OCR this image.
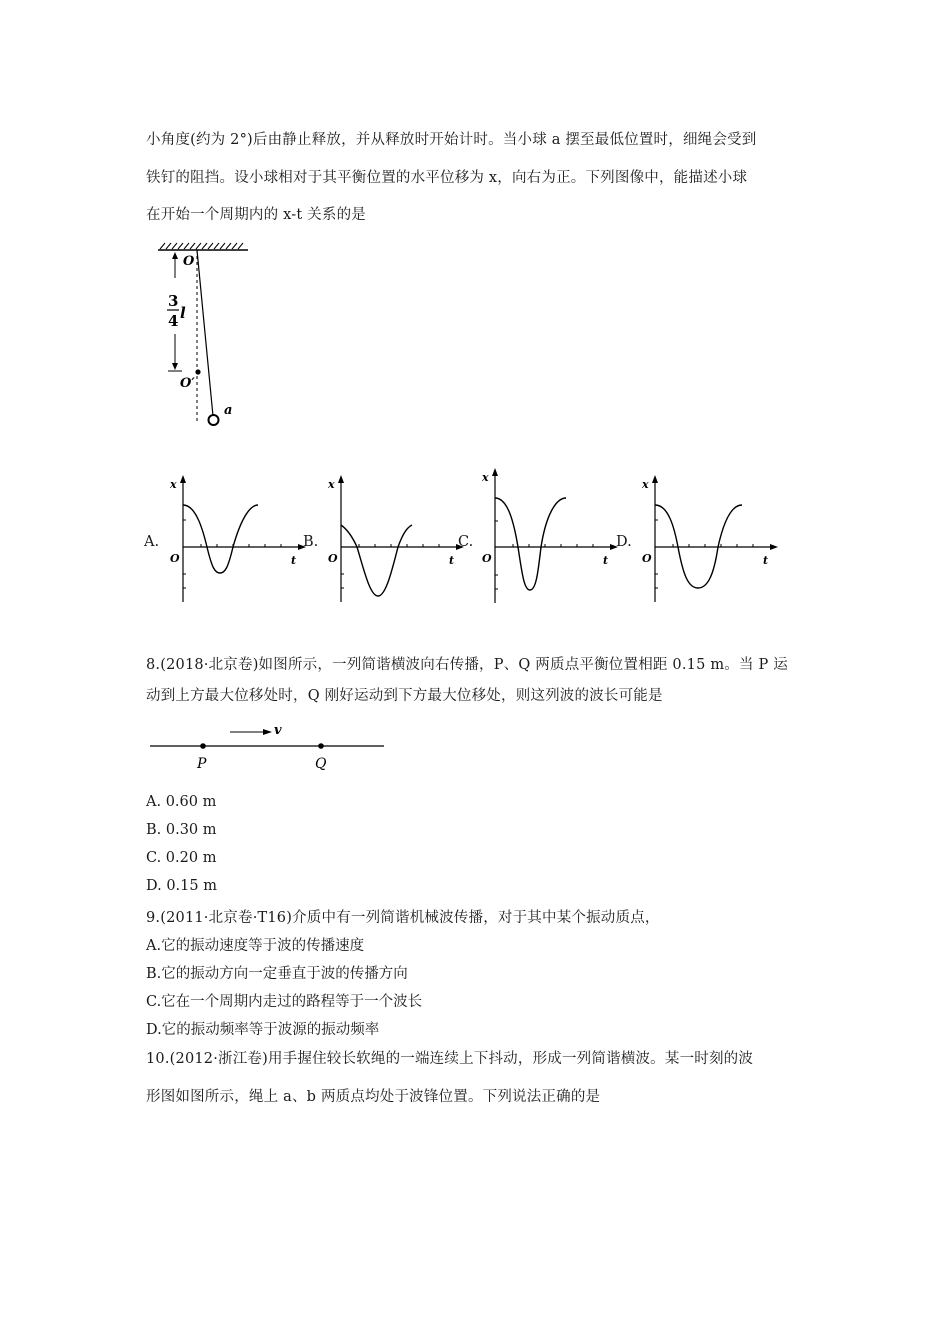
小角度(约为 2°)后由静止释放，并从释放时开始计时。当小球 a 摆至最低位置时，细绳会受到
铁钉的阻挡。设小球相对于其平衡位置的水平位移为 x，向右为正。下列图像中，能描述小球
在开始一个周期内的 x-t 关系的是
O
3
4 l
O′
a
A.
x
O	t
B.
x
O	t
C.
x
O	t
D.
x
O	t
8.(2018·北京卷)如图所示，一列简谐横波向右传播，P、Q 两质点平衡位置相距 0.15 m。当 P 运
动到上方最大位移处时，Q 刚好运动到下方最大位移处，则这列波的波长可能是
v
P	Q
A. 0.60 m
B. 0.30 m
C. 0.20 m
D. 0.15 m
9.(2011·北京卷·T16)介质中有一列简谐机械波传播，对于其中某个振动质点，
A.它的振动速度等于波的传播速度
B.它的振动方向一定垂直于波的传播方向
C.它在一个周期内走过的路程等于一个波长
D.它的振动频率等于波源的振动频率
10.(2012·浙江卷)用手握住较长软绳的一端连续上下抖动，形成一列简谐横波。某一时刻的波
形图如图所示，绳上 a、b 两质点均处于波锋位置。下列说法正确的是
